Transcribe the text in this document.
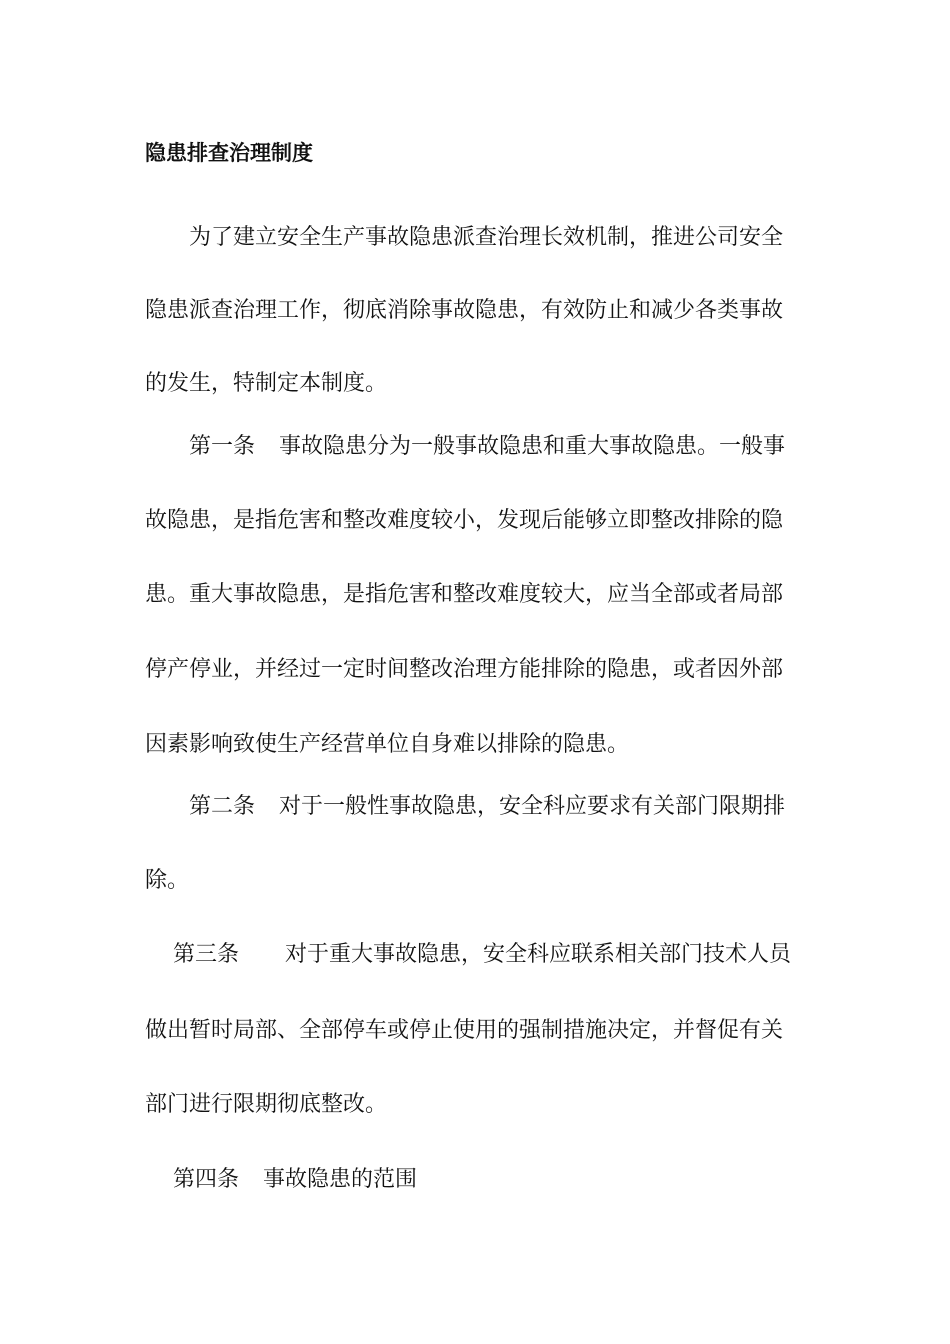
隐患排查治理制度
为了建立安全生产事故隐患派查治理长效机制，推进公司安全
隐患派查治理工作，彻底消除事故隐患，有效防止和减少各类事故
的发生，特制定本制度。
第一条 事故隐患分为一般事故隐患和重大事故隐患。一般事
故隐患，是指危害和整改难度较小，发现后能够立即整改排除的隐
患。重大事故隐患，是指危害和整改难度较大，应当全部或者局部
停产停业，并经过一定时间整改治理方能排除的隐患，或者因外部
因素影响致使生产经营单位自身难以排除的隐患。
第二条 对于一般性事故隐患，安全科应要求有关部门限期排
除。
第三条 对于重大事故隐患，安全科应联系相关部门技术人员
做出暂时局部、全部停车或停止使用的强制措施决定，并督促有关
部门进行限期彻底整改。
第四条 事故隐患的范围
